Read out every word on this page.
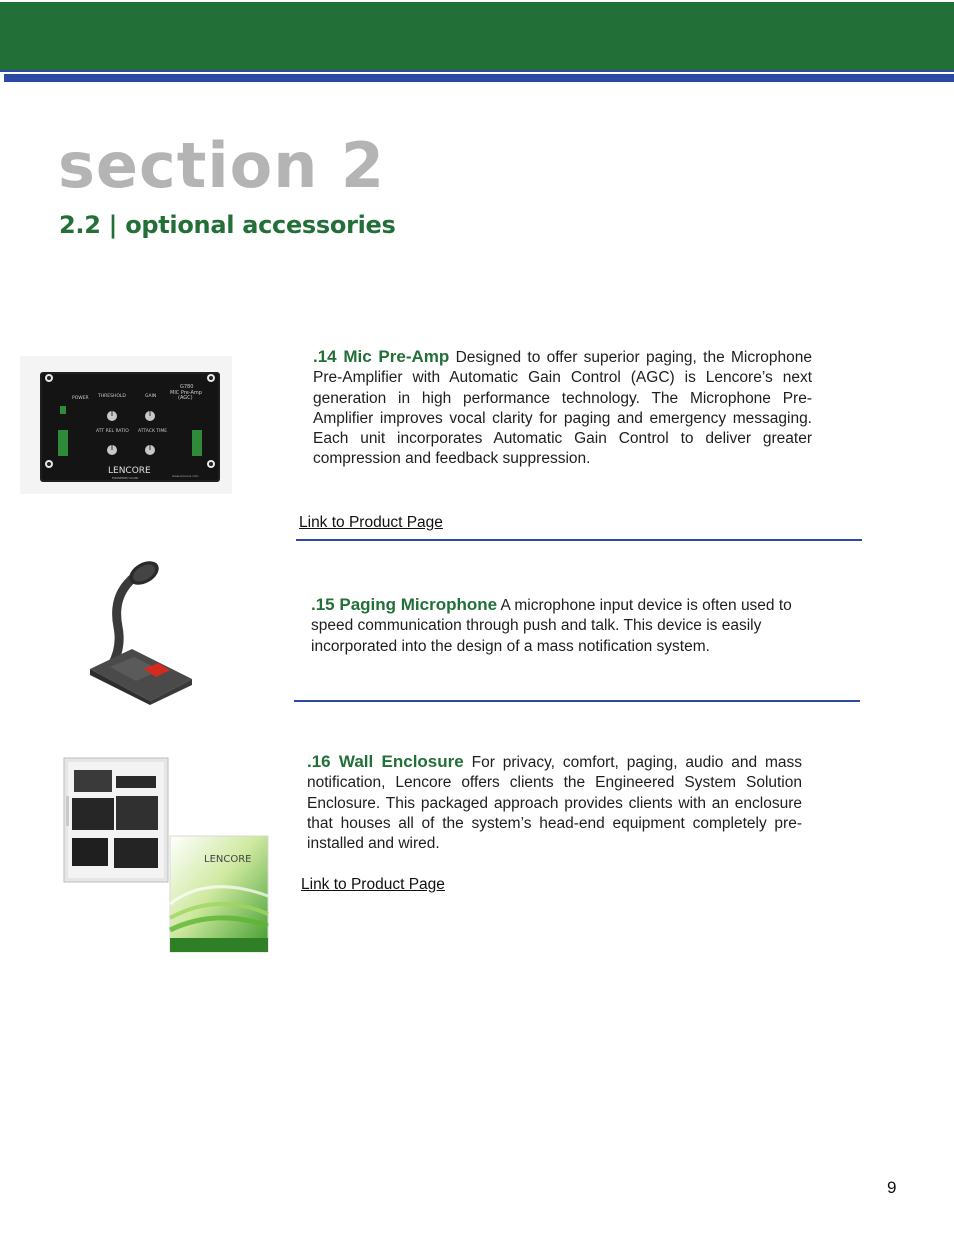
section 2
2.2 | optional accessories
G780
MIC Pre-Amp
(AGC)
POWER THRESHOLD	GAIN
ATT REL RATIO ATTACK TIME
LENCORE
ENGINEERED SOUND
www.lencore.com

.14 Mic Pre-Amp Designed to offer superior paging, the Microphone Pre-Amplifier with Automatic Gain Control (AGC) is Lencore’s next generation in high performance technology. The Microphone Pre-Amplifier improves vocal clarity for paging and emergency messaging. Each unit incorporates Automatic Gain Control to deliver greater compression and feedback suppression.

Link to Product Page

.15 Paging Microphone A microphone input device is often used to speed communication through push and talk. This device is easily incorporated into the design of a mass notification system.

LENCORE

.16 Wall Enclosure For privacy, comfort, paging, audio and mass notification, Lencore offers clients the Engineered System Solution Enclosure. This packaged approach provides clients with an enclosure that houses all of the system’s head-end equipment completely pre-installed and wired.

Link to Product Page
9
